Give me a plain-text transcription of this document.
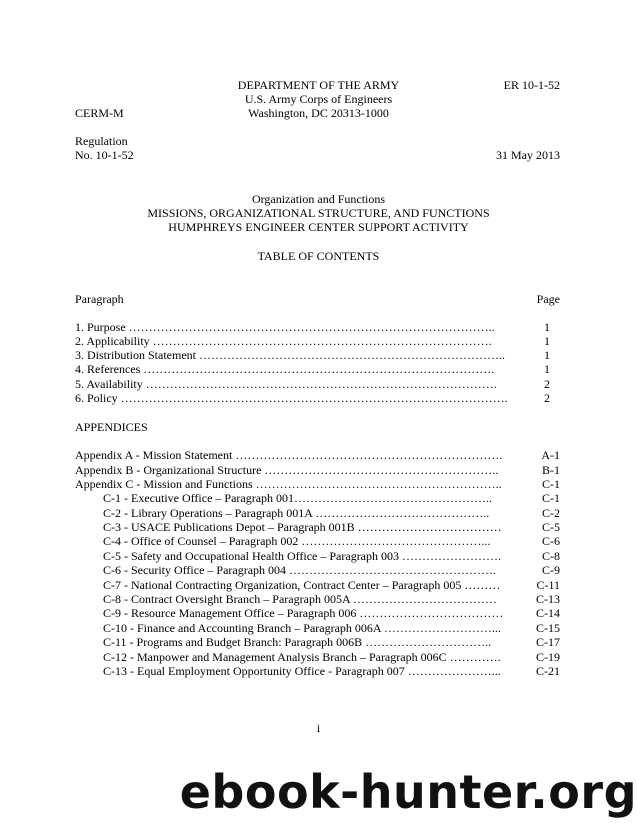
DEPARTMENT OF THE ARMY
U.S. Army Corps of Engineers
Washington, DC 20313-1000
ER 10-1-52
CERM-M
Regulation
No. 10-1-52	31 May 2013
Organization and Functions
MISSIONS, ORGANIZATIONAL STRUCTURE, AND FUNCTIONS
HUMPHREYS ENGINEER CENTER SUPPORT ACTIVITY
TABLE OF CONTENTS
Paragraph	Page
1. Purpose ………………………………………………………………………………..	1
2. Applicability ………………………………………………………………………….	1
3. Distribution Statement …………………………………………………………………..	1
4. References …………………………………………………………………………….	1
5. Availability …………………………………………………………………………….	2
6. Policy …………………………………………………………………………………….	2
APPENDICES
Appendix A - Mission Statement ………………………………………………………….	A-1
Appendix B - Organizational Structure …………………………………………………..	B-1
Appendix C - Mission and Functions ……………………………………………………..	C-1
C-1 - Executive Office – Paragraph 001…………………………………………..	C-1
C-2 - Library Operations – Paragraph 001A ……………………………………..	C-2
C-3 - USACE Publications Depot – Paragraph 001B ………………………………	C-5
C-4 - Office of Counsel – Paragraph 002 ………………………………………...	C-6
C-5 - Safety and Occupational Health Office – Paragraph 003 …………………….	C-8
C-6 - Security Office – Paragraph 004 …………………………………………….	C-9
C-7 - National Contracting Organization, Contract Center – Paragraph 005 ………	C-11
C-8 - Contract Oversight Branch – Paragraph 005A ………………………………	C-13
C-9 - Resource Management Office – Paragraph 006 ………………………………	C-14
C-10 - Finance and Accounting Branch – Paragraph 006A ………………………...	C-15
C-11 - Programs and Budget Branch: Paragraph 006B …………………………..	C-17
C-12 - Manpower and Management Analysis Branch – Paragraph 006C ………….	C-19
C-13 - Equal Employment Opportunity Office - Paragraph 007 …………………...	C-21
i
ebook-hunter.org
